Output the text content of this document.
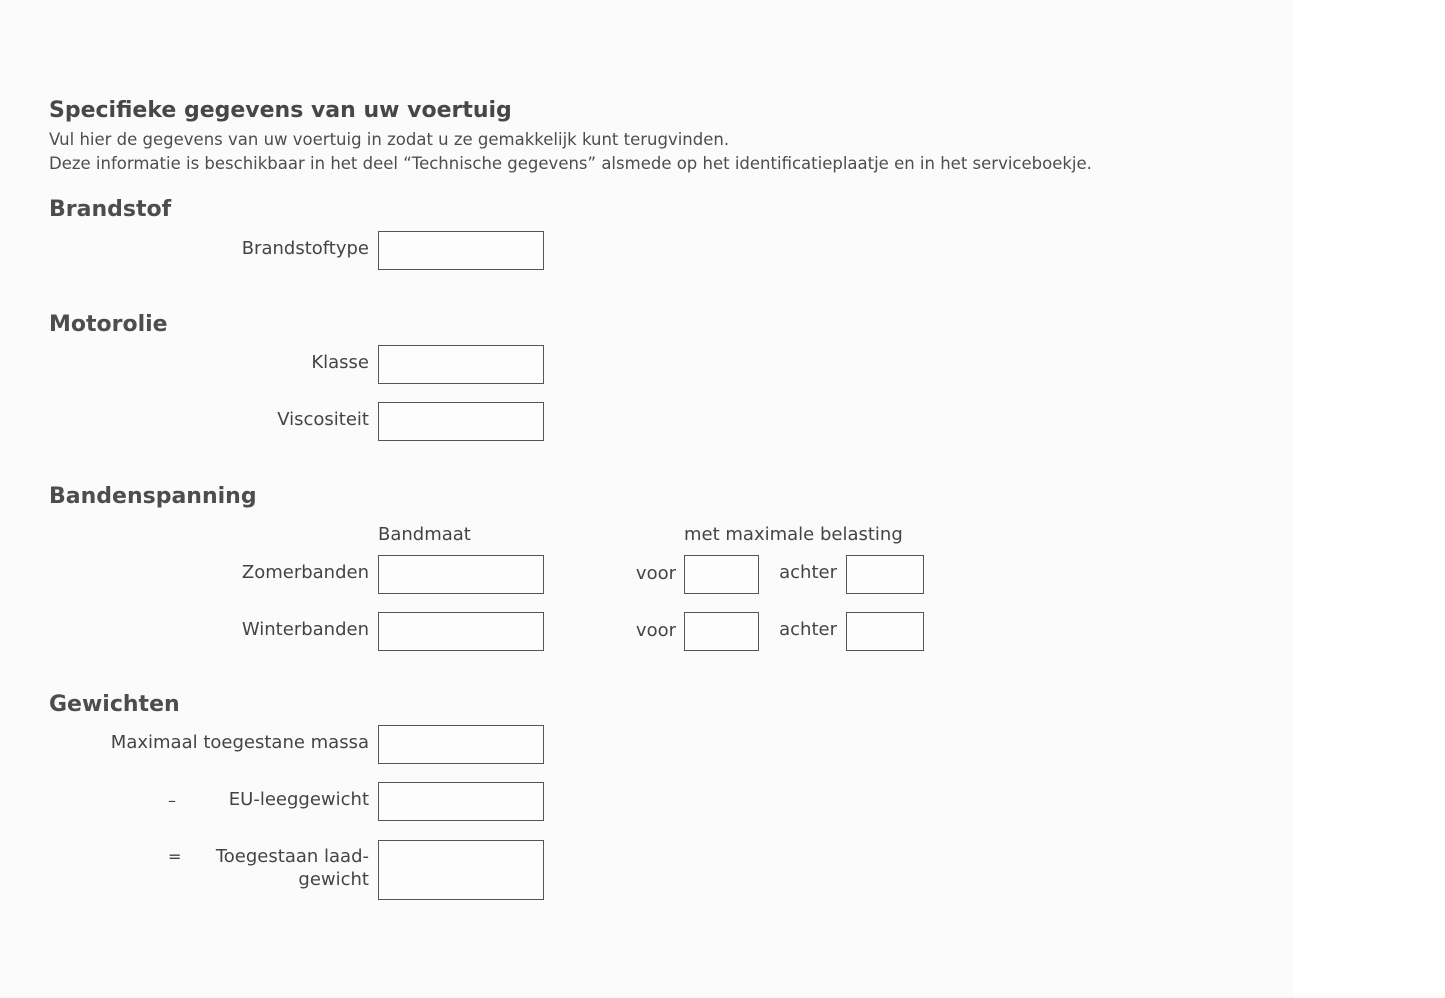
Specifieke gegevens van uw voertuig
Vul hier de gegevens van uw voertuig in zodat u ze gemakkelijk kunt terugvinden.
Deze informatie is beschikbaar in het deel “Technische gegevens” alsmede op het identificatieplaatje en in het serviceboekje.
Brandstof
Brandstoftype
Motorolie
Klasse
Viscositeit
Bandenspanning
Bandmaat	met maximale belasting
Zomerbanden	voor	achter
Winterbanden	voor	achter
Gewichten
Maximaal toegestane massa
–	EU-leeggewicht
=	Toegestaan laad-
gewicht
